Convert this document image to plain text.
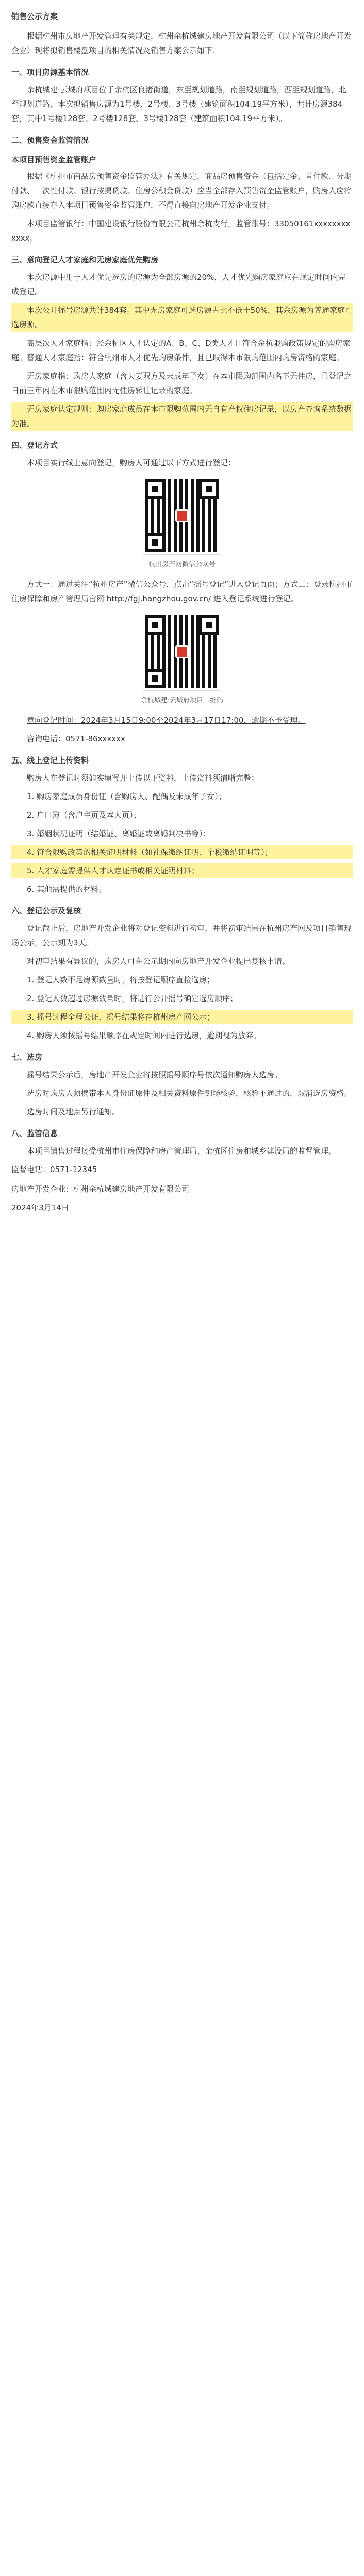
销售公示方案

根据杭州市房地产开发管理有关规定，杭州余杭城建房地产开发有限公司（以下简称房地产开发企业）现将拟销售楼盘项目的相关情况及销售方案公示如下：

一、项目房源基本情况

余杭城建·云城府项目位于余杭区良渚街道，东至规划道路，南至规划道路，西至规划道路，北至规划道路。本次拟销售房源为1号楼、2号楼、3号楼（建筑面积104.19平方米），共计房源384套，其中1号楼128套、2号楼128套、3号楼128套（建筑面积104.19平方米）。

二、预售资金监管情况
本项目预售资金监管账户

根据《杭州市商品房预售资金监管办法》有关规定，商品房预售资金（包括定金、首付款、分期付款、一次性付款、银行按揭贷款、住房公积金贷款）应当全部存入预售资金监管账户，购房人应将购房款直接存入本项目预售资金监管账户，不得直接向房地产开发企业支付。

本项目监管银行：中国建设银行股份有限公司杭州余杭支行，监管账号：33050161xxxxxxxxxxxx。

三、意向登记人才家庭和无房家庭优先购房

本次房源中用于人才优先选房的房源为全部房源的20%，人才优先购房家庭应在规定时间内完成登记。

本次公开摇号房源共计384套。其中无房家庭可选房源占比不低于50%，其余房源为普通家庭可选房源。

高层次人才家庭指：经余杭区人才认定的A、B、C、D类人才且符合余杭限购政策规定的购房家庭。普通人才家庭指：符合杭州市人才优先购房条件，且已取得本市限购范围内购房资格的家庭。

无房家庭指：购房人家庭（含夫妻双方及未成年子女）在本市限购范围内名下无住房，且登记之日前三年内在本市限购范围内无住房转让记录的家庭。

无房家庭认定规则：购房家庭成员在本市限购范围内无自有产权住房记录，以房产查询系统数据为准。

四、登记方式

本项目实行线上意向登记，购房人可通过以下方式进行登记：

杭州房产网微信公众号

方式一：通过关注“杭州房产”微信公众号，点击“摇号登记”进入登记页面；方式二：登录杭州市住房保障和房产管理局官网 http://fgj.hangzhou.gov.cn/ 进入登记系统进行登记。

余杭城建·云城府项目二维码

意向登记时间：2024年3月15日9:00至2024年3月17日17:00，逾期不予受理。

咨询电话：0571-86xxxxxx

五、线上登记上传资料

购房人在登记时须如实填写并上传以下资料，上传资料须清晰完整：

1. 购房家庭成员身份证（含购房人、配偶及未成年子女）；

2. 户口簿（含户主页及本人页）；

3. 婚姻状况证明（结婚证、离婚证或离婚判决书等）；

4. 符合限购政策的相关证明材料（如社保缴纳证明、个税缴纳证明等）；

5. 人才家庭需提供人才认定证书或相关证明材料；

6. 其他需提供的材料。

六、登记公示及复核

登记截止后，房地产开发企业将对登记资料进行初审，并将初审结果在杭州房产网及项目销售现场公示，公示期为3天。

对初审结果有异议的，购房人可在公示期内向房地产开发企业提出复核申请。

1. 登记人数不足房源数量时，将按登记顺序直接选房；

2. 登记人数超过房源数量时，将进行公开摇号确定选房顺序；

3. 摇号过程全程公证，摇号结果将在杭州房产网公示；

4. 购房人须按摇号结果顺序在规定时间内进行选房，逾期视为放弃。

七、选房

摇号结果公示后，房地产开发企业将按照摇号顺序号依次通知购房人选房。

选房时购房人须携带本人身份证原件及相关资料原件到场核验，核验不通过的，取消选房资格。

选房时间及地点另行通知。

八、监管信息

本项目销售过程接受杭州市住房保障和房产管理局、余杭区住房和城乡建设局的监督管理。

监督电话：0571-12345

房地产开发企业：杭州余杭城建房地产开发有限公司

2024年3月14日
